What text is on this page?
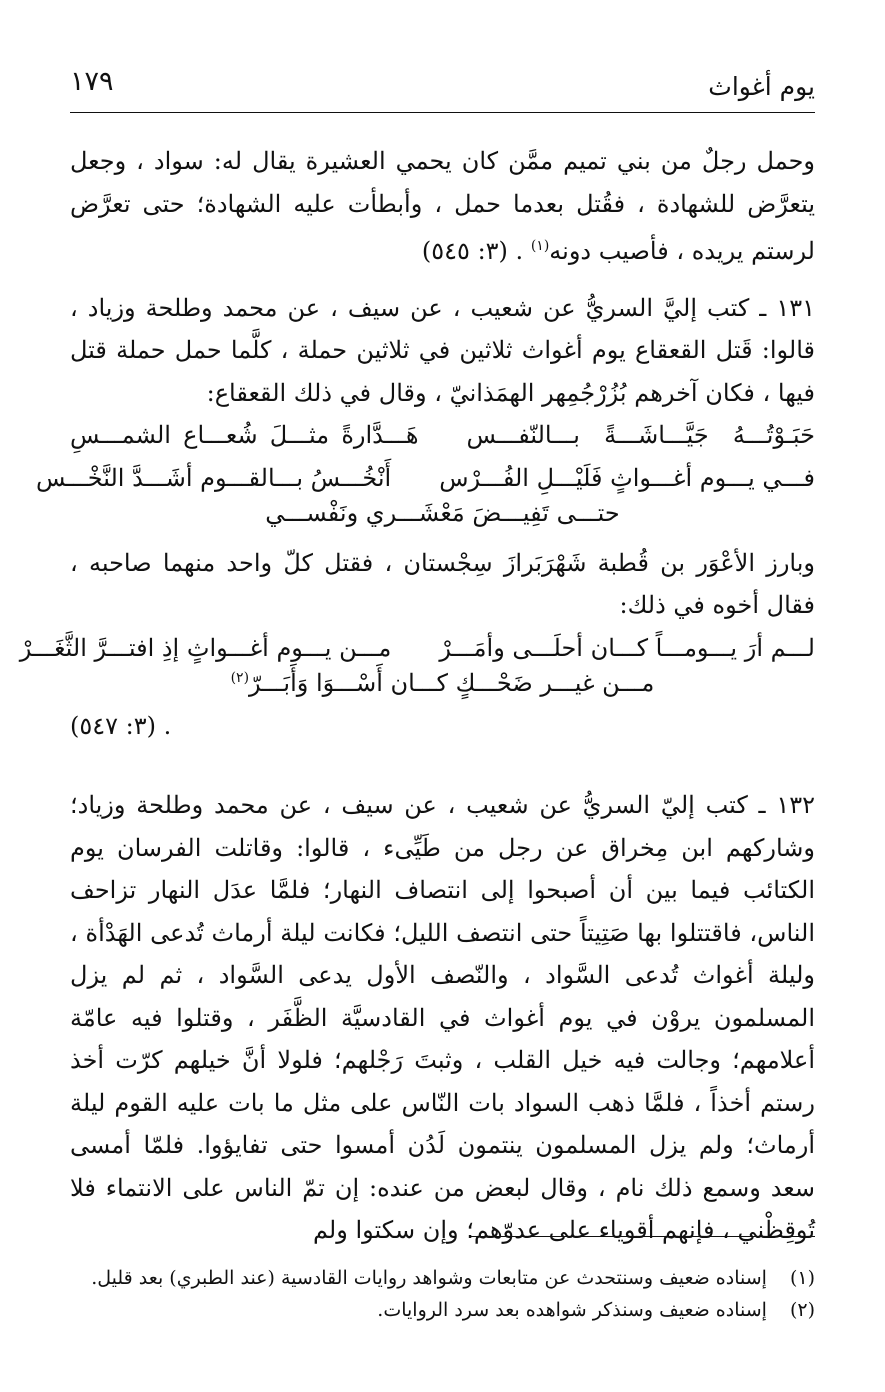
يوم أغواث
١٧٩

وحمل رجلٌ من بني تميم ممَّن كان يحمي العشيرة يقال له: سواد ، وجعل يتعرَّض للشهادة ، فقُتل بعدما حمل ، وأبطأت عليه الشهادة؛ حتى تعرَّض لرستم يريده ، فأصيب دونه$^{(١)}$ . (٣: ٥٤٥)

١٣١ ـ كتب إليَّ السريُّ عن شعيب ، عن سيف ، عن محمد وطلحة وزياد ، قالوا: قَتل القعقاع يوم أغواث ثلاثين في ثلاثين حملة ، كلَّما حمل حملة قتل فيها ، فكان آخرهم بُزُرْجُمِهر الهمَذانيّ ، وقال في ذلك القعقاع:

حَبَـوْتُـــهُ جَيَّـــاشَـــةً بـــالنّفـــس
هَـــدَّارةً مثـــلَ شُعـــاع الشمـــسِ
فـــي يـــوم أغـــواثٍ فَلَيْـــلِ الفُـــرْس
أَنْخُـــسُ بـــالقـــوم أشَـــدَّ النَّخْـــس
حتـــى تَفِيـــضَ مَعْشَـــري ونَفْســـي

وبارز الأعْوَر بن قُطبة شَهْرَبَرازَ سِجْستان ، فقتل كلّ واحد منهما صاحبه ، فقال أخوه في ذلك:

لـــم أرَ يـــومـــاً كـــان أحلَـــى وأمَـــرْ
مـــن يـــوم أغـــواثٍ إذِ افتـــرَّ الثَّغَـــرْ
مـــن غيـــر ضَحْـــكٍ كـــان أَسْـــوَا وَأَبَـــرّ$^{(٢)}$
. (٣: ٥٤٧)

١٣٢ ـ كتب إليّ السريُّ عن شعيب ، عن سيف ، عن محمد وطلحة وزياد؛ وشاركهم ابن مِخراق عن رجل من طَيِّىء ، قالوا: وقاتلت الفرسان يوم الكتائب فيما بين أن أصبحوا إلى انتصاف النهار؛ فلمَّا عدَل النهار تزاحف الناس، فاقتتلوا بها صَتِيتاً حتى انتصف الليل؛ فكانت ليلة أرماث تُدعى الهَدْأة ، وليلة أغواث تُدعى السَّواد ، والنّصف الأول يدعى السَّواد ، ثم لم يزل المسلمون يروْن في يوم أغواث في القادسيَّة الظَّفَر ، وقتلوا فيه عامّة أعلامهم؛ وجالت فيه خيل القلب ، وثبتَ رَجْلهم؛ فلولا أنَّ خيلهم كرّت أخذ رستم أخذاً ، فلمَّا ذهب السواد بات النّاس على مثل ما بات عليه القوم ليلة أرماث؛ ولم يزل المسلمون ينتمون لَدُن أمسوا حتى تفايؤوا. فلمّا أمسى سعد وسمع ذلك نام ، وقال لبعض من عنده: إن تمّ الناس على الانتماء فلا تُوقِظْني ، فإنهم أقوياء على عدوّهم؛ وإن سكتوا ولم

(١) إسناده ضعيف وسنتحدث عن متابعات وشواهد روايات القادسية (عند الطبري) بعد قليل.
(٢) إسناده ضعيف وسنذكر شواهده بعد سرد الروايات.
